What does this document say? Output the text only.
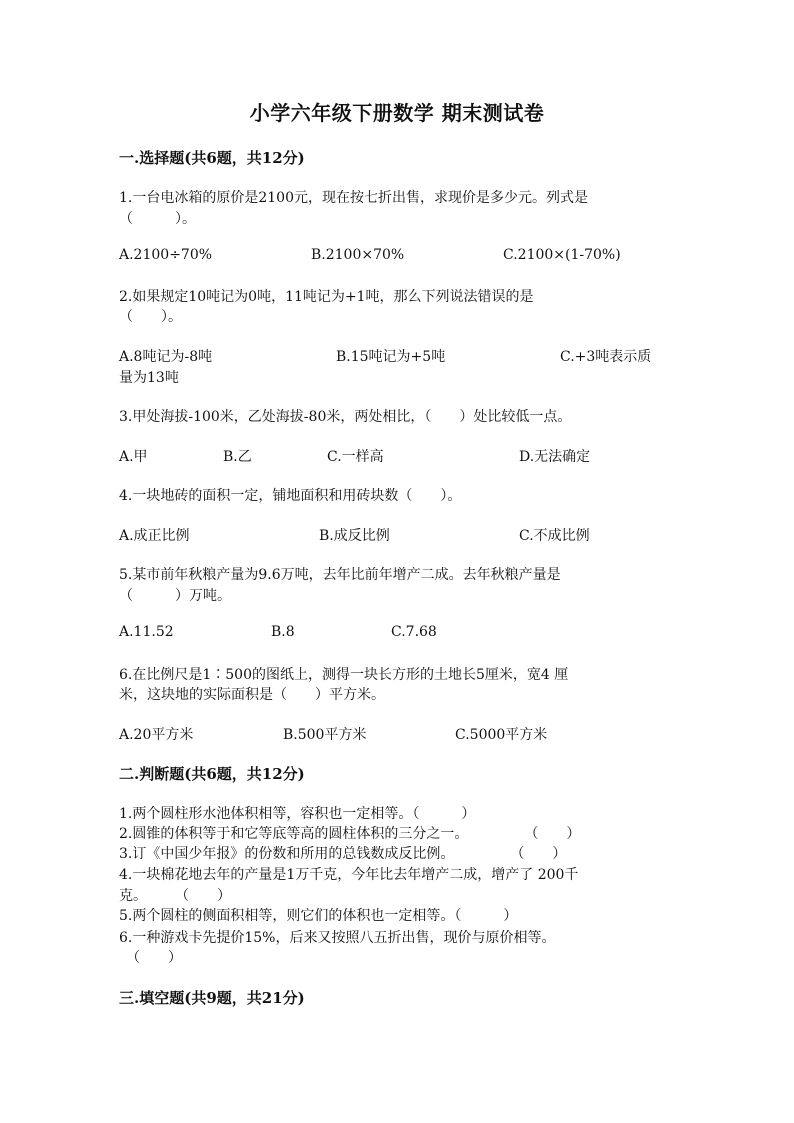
小学六年级下册数学 期末测试卷
一.选择题(共6题，共12分)
1.一台电冰箱的原价是2100元，现在按七折出售，求现价是多少元。列式是
（　　　）。
A.2100÷70%	B.2100×70%	C.2100×(1-70%)
2.如果规定10吨记为0吨，11吨记为+1吨，那么下列说法错误的是
（　　）。
A.8吨记为-8吨	B.15吨记为+5吨	C.+3吨表示质
量为13吨
3.甲处海拔-100米，乙处海拔-80米，两处相比，（　　）处比较低一点。
A.甲	B.乙	C.一样高	D.无法确定
4.一块地砖的面积一定，铺地面积和用砖块数（　　）。
A.成正比例	B.成反比例	C.不成比例
5.某市前年秋粮产量为9.6万吨，去年比前年增产二成。去年秋粮产量是
（　　　）万吨。
A.11.52	B.8	C.7.68
6.在比例尺是1∶500的图纸上，测得一块长方形的土地长5厘米，宽4 厘
米，这块地的实际面积是（　　）平方米。
A.20平方米	B.500平方米	C.5000平方米
二.判断题(共6题，共12分)
1.两个圆柱形水池体积相等，容积也一定相等。（　　　）
2.圆锥的体积等于和它等底等高的圆柱体积的三分之一。　　　　　（　　）
3.订《中国少年报》的份数和所用的总钱数成反比例。　　　　　（　　）
4.一块棉花地去年的产量是1万千克，今年比去年增产二成，增产了 200千
克。　　　（　　）
5.两个圆柱的侧面积相等，则它们的体积也一定相等。（　　　）
6.一种游戏卡先提价15%，后来又按照八五折出售，现价与原价相等。
　（　　）
三.填空题(共9题，共21分)
